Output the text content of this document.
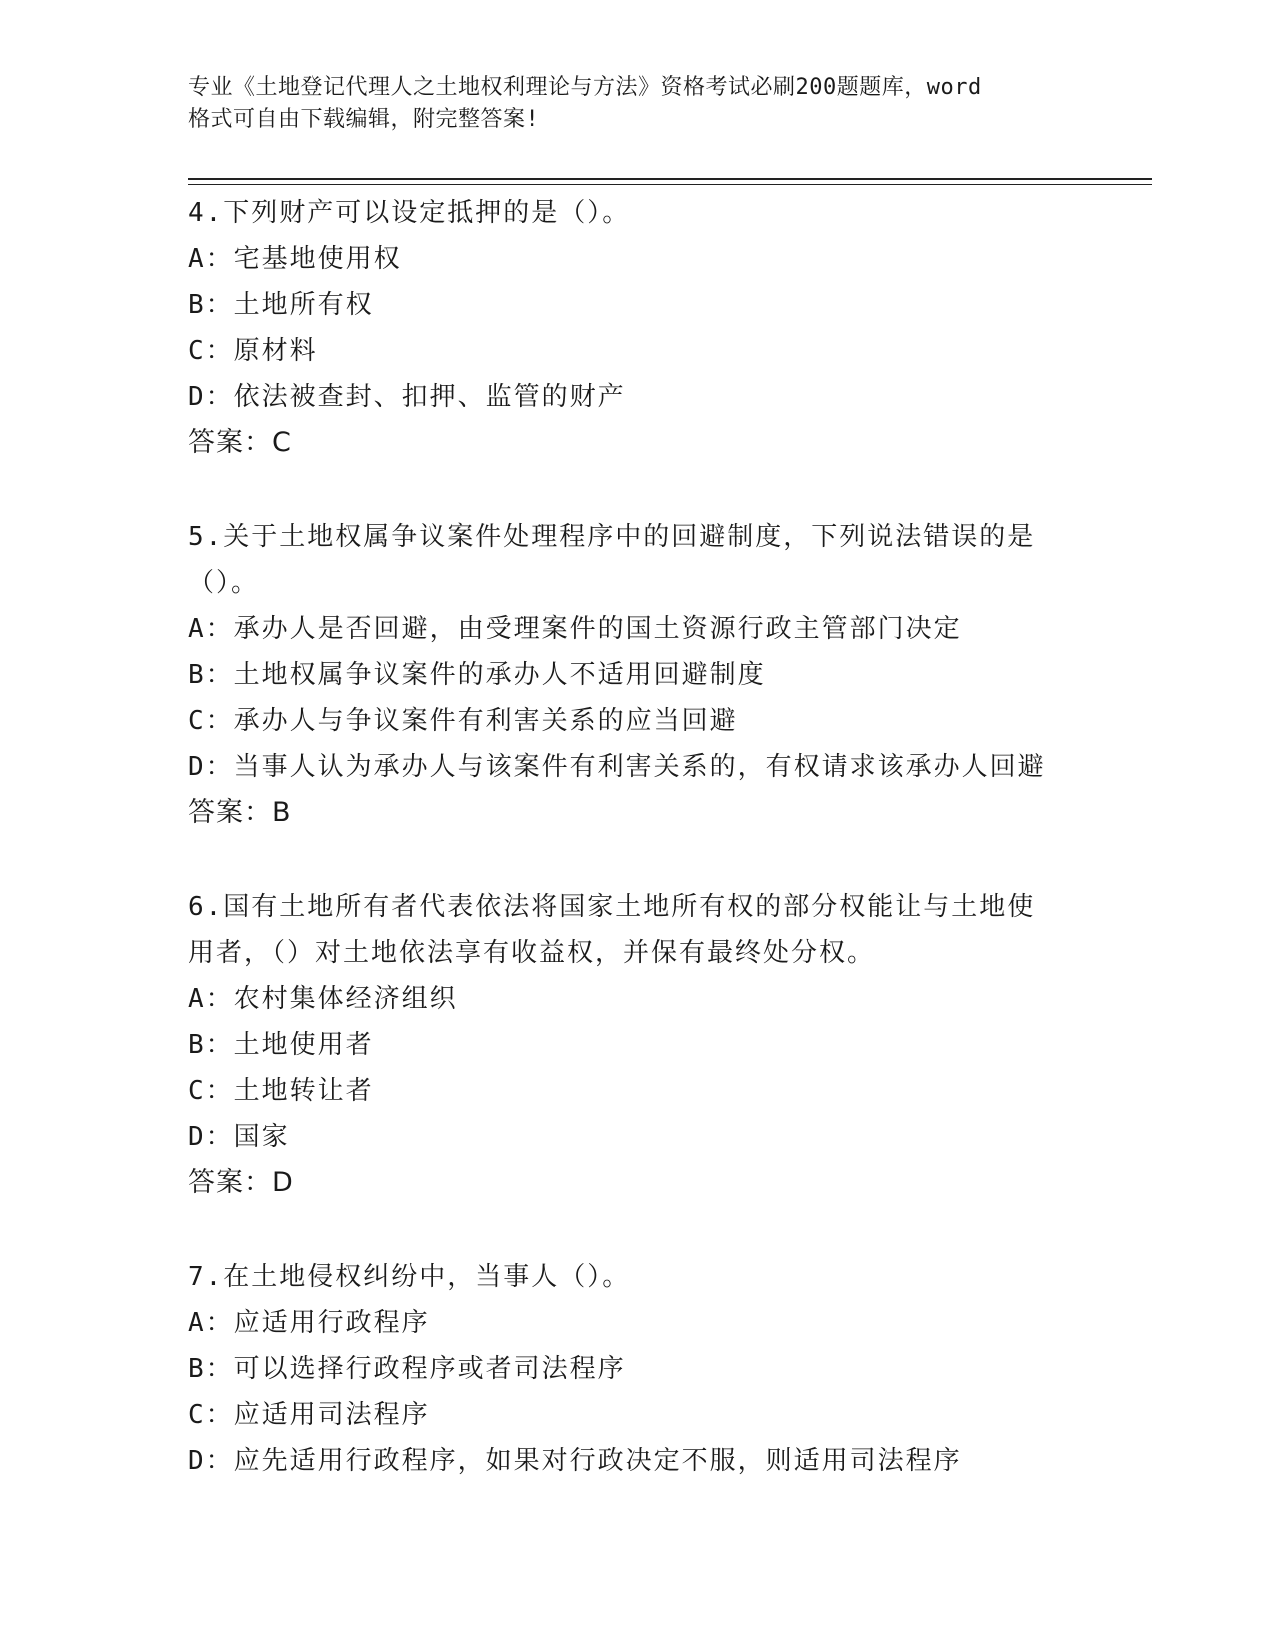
专业《土地登记代理人之土地权利理论与方法》资格考试必刷200题题库，word
格式可自由下载编辑，附完整答案!

4.下列财产可以设定抵押的是（）。

A：宅基地使用权

B：土地所有权

C：原材料

D：依法被查封、扣押、监管的财产

答案：C

5.关于土地权属争议案件处理程序中的回避制度，下列说法错误的是

（）。

A：承办人是否回避，由受理案件的国土资源行政主管部门决定

B：土地权属争议案件的承办人不适用回避制度

C：承办人与争议案件有利害关系的应当回避

D：当事人认为承办人与该案件有利害关系的，有权请求该承办人回避

答案：B

6.国有土地所有者代表依法将国家土地所有权的部分权能让与土地使

用者，（）对土地依法享有收益权，并保有最终处分权。

A：农村集体经济组织

B：土地使用者

C：土地转让者

D：国家

答案：D

7.在土地侵权纠纷中，当事人（）。

A：应适用行政程序

B：可以选择行政程序或者司法程序

C：应适用司法程序

D：应先适用行政程序，如果对行政决定不服，则适用司法程序
